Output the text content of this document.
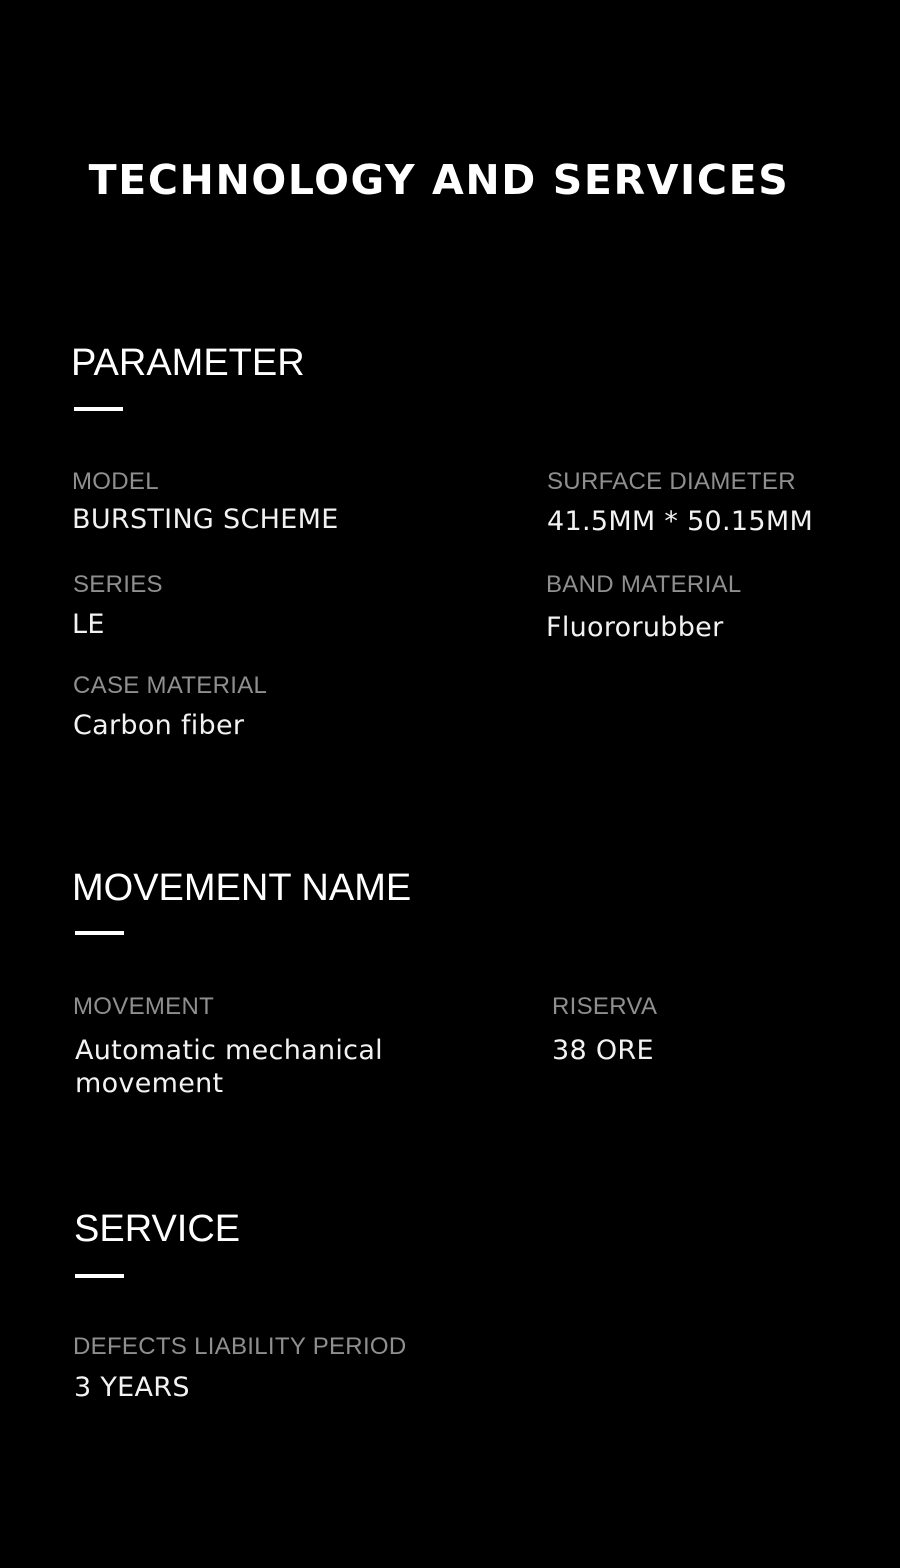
TECHNOLOGY AND SERVICES
PARAMETER
MODEL
BURSTING SCHEME
SURFACE DIAMETER
41.5MM * 50.15MM
SERIES
LE
BAND MATERIAL
Fluororubber
CASE MATERIAL
Carbon fiber
MOVEMENT NAME
MOVEMENT
Automatic mechanical movement
RISERVA
38 ORE
SERVICE
DEFECTS LIABILITY PERIOD
3 YEARS
